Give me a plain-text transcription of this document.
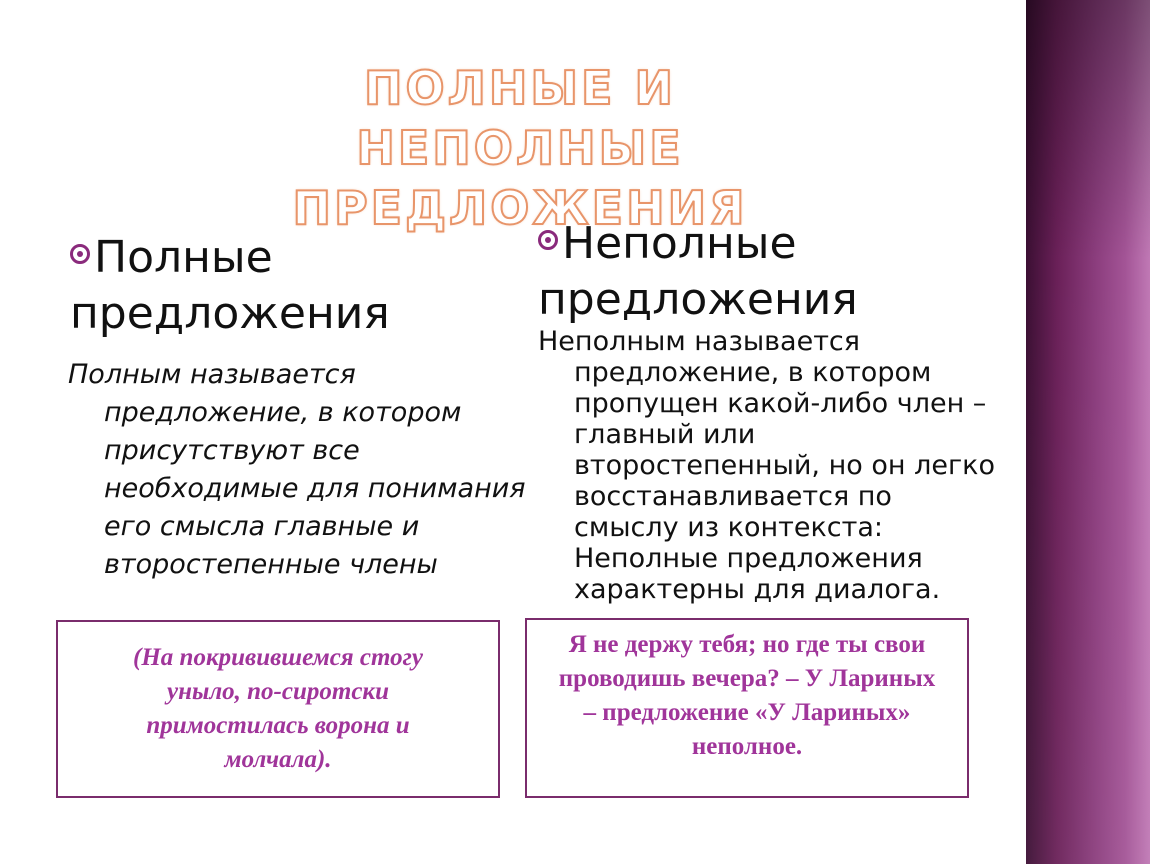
ПОЛНЫЕ И НЕПОЛНЫЕ ПРЕДЛОЖЕНИЯ
Полные предложения
Полным называется предложение, в котором присутствуют все необходимые для понимания его смысла главные и второстепенные члены
Неполные предложения
Неполным называется предложение, в котором пропущен какой-либо член – главный или второстепенный, но он легко восстанавливается по смыслу из контекста: Неполные предложения характерны для диалога.
(На покривившемся стогу уныло, по-сиротски примостилась ворона и молчала).
Я не держу тебя; но где ты свои проводишь вечера? – У Лариных – предложение «У Лариных» неполное.
